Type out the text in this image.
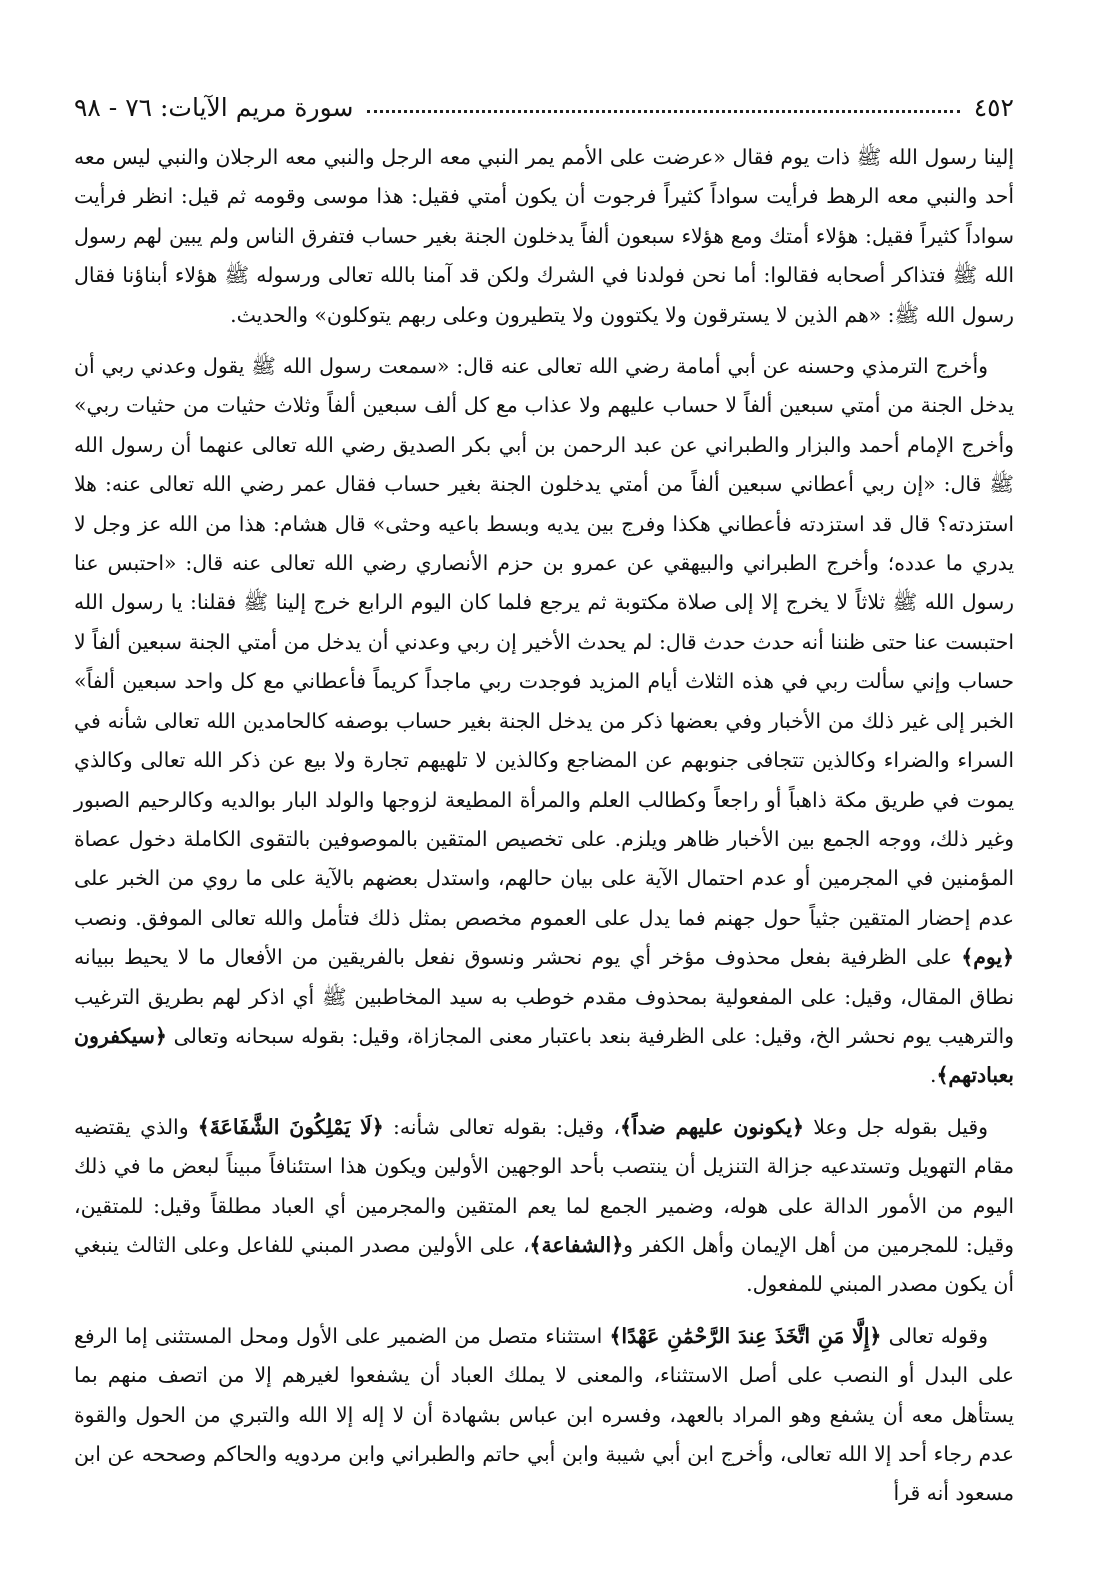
٤٥٢
سورة مريم الآيات: ٧٦ - ٩٨

إلينا رسول الله ﷺ ذات يوم فقال «عرضت على الأمم يمر النبي معه الرجل والنبي معه الرجلان والنبي ليس معه أحد والنبي معه الرهط فرأيت سواداً كثيراً فرجوت أن يكون أمتي فقيل: هذا موسى وقومه ثم قيل: انظر فرأيت سواداً كثيراً فقيل: هؤلاء أمتك ومع هؤلاء سبعون ألفاً يدخلون الجنة بغير حساب فتفرق الناس ولم يبين لهم رسول الله ﷺ فتذاكر أصحابه فقالوا: أما نحن فولدنا في الشرك ولكن قد آمنا بالله تعالى ورسوله ﷺ هؤلاء أبناؤنا فقال رسول الله ﷺ: «هم الذين لا يسترقون ولا يكتوون ولا يتطيرون وعلى ربهم يتوكلون» والحديث.

وأخرج الترمذي وحسنه عن أبي أمامة رضي الله تعالى عنه قال: «سمعت رسول الله ﷺ يقول وعدني ربي أن يدخل الجنة من أمتي سبعين ألفاً لا حساب عليهم ولا عذاب مع كل ألف سبعين ألفاً وثلاث حثيات من حثيات ربي» وأخرج الإمام أحمد والبزار والطبراني عن عبد الرحمن بن أبي بكر الصديق رضي الله تعالى عنهما أن رسول الله ﷺ قال: «إن ربي أعطاني سبعين ألفاً من أمتي يدخلون الجنة بغير حساب فقال عمر رضي الله تعالى عنه: هلا استزدته؟ قال قد استزدته فأعطاني هكذا وفرج بين يديه وبسط باعيه وحثى» قال هشام: هذا من الله عز وجل لا يدري ما عدده؛ وأخرج الطبراني والبيهقي عن عمرو بن حزم الأنصاري رضي الله تعالى عنه قال: «احتبس عنا رسول الله ﷺ ثلاثاً لا يخرج إلا إلى صلاة مكتوبة ثم يرجع فلما كان اليوم الرابع خرج إلينا ﷺ فقلنا: يا رسول الله احتبست عنا حتى ظننا أنه حدث حدث قال: لم يحدث الأخير إن ربي وعدني أن يدخل من أمتي الجنة سبعين ألفاً لا حساب وإني سألت ربي في هذه الثلاث أيام المزيد فوجدت ربي ماجداً كريماً فأعطاني مع كل واحد سبعين ألفاً» الخبر إلى غير ذلك من الأخبار وفي بعضها ذكر من يدخل الجنة بغير حساب بوصفه كالحامدين الله تعالى شأنه في السراء والضراء وكالذين تتجافى جنوبهم عن المضاجع وكالذين لا تلهيهم تجارة ولا بيع عن ذكر الله تعالى وكالذي يموت في طريق مكة ذاهباً أو راجعاً وكطالب العلم والمرأة المطيعة لزوجها والولد البار بوالديه وكالرحيم الصبور وغير ذلك، ووجه الجمع بين الأخبار ظاهر ويلزم. على تخصيص المتقين بالموصوفين بالتقوى الكاملة دخول عصاة المؤمنين في المجرمين أو عدم احتمال الآية على بيان حالهم، واستدل بعضهم بالآية على ما روي من الخبر على عدم إحضار المتقين جثياً حول جهنم فما يدل على العموم مخصص بمثل ذلك فتأمل والله تعالى الموفق. ونصب ﴿يوم﴾ على الظرفية بفعل محذوف مؤخر أي يوم نحشر ونسوق نفعل بالفريقين من الأفعال ما لا يحيط ببيانه نطاق المقال، وقيل: على المفعولية بمحذوف مقدم خوطب به سيد المخاطبين ﷺ أي اذكر لهم بطريق الترغيب والترهيب يوم نحشر الخ، وقيل: على الظرفية بنعد باعتبار معنى المجازاة، وقيل: بقوله سبحانه وتعالى ﴿سيكفرون بعبادتهم﴾.

وقيل بقوله جل وعلا ﴿يكونون عليهم ضداً﴾، وقيل: بقوله تعالى شأنه: ﴿لَا يَمْلِكُونَ الشَّفَاعَةَ﴾ والذي يقتضيه مقام التهويل وتستدعيه جزالة التنزيل أن ينتصب بأحد الوجهين الأولين ويكون هذا استئنافاً مبيناً لبعض ما في ذلك اليوم من الأمور الدالة على هوله، وضمير الجمع لما يعم المتقين والمجرمين أي العباد مطلقاً وقيل: للمتقين، وقيل: للمجرمين من أهل الإيمان وأهل الكفر و﴿الشفاعة﴾، على الأولين مصدر المبني للفاعل وعلى الثالث ينبغي أن يكون مصدر المبني للمفعول.

وقوله تعالى ﴿إِلَّا مَنِ اتَّخَذَ عِندَ الرَّحْمَٰنِ عَهْدًا﴾ استثناء متصل من الضمير على الأول ومحل المستثنى إما الرفع على البدل أو النصب على أصل الاستثناء، والمعنى لا يملك العباد أن يشفعوا لغيرهم إلا من اتصف منهم بما يستأهل معه أن يشفع وهو المراد بالعهد، وفسره ابن عباس بشهادة أن لا إله إلا الله والتبري من الحول والقوة عدم رجاء أحد إلا الله تعالى، وأخرج ابن أبي شيبة وابن أبي حاتم والطبراني وابن مردويه والحاكم وصححه عن ابن مسعود أنه قرأ
